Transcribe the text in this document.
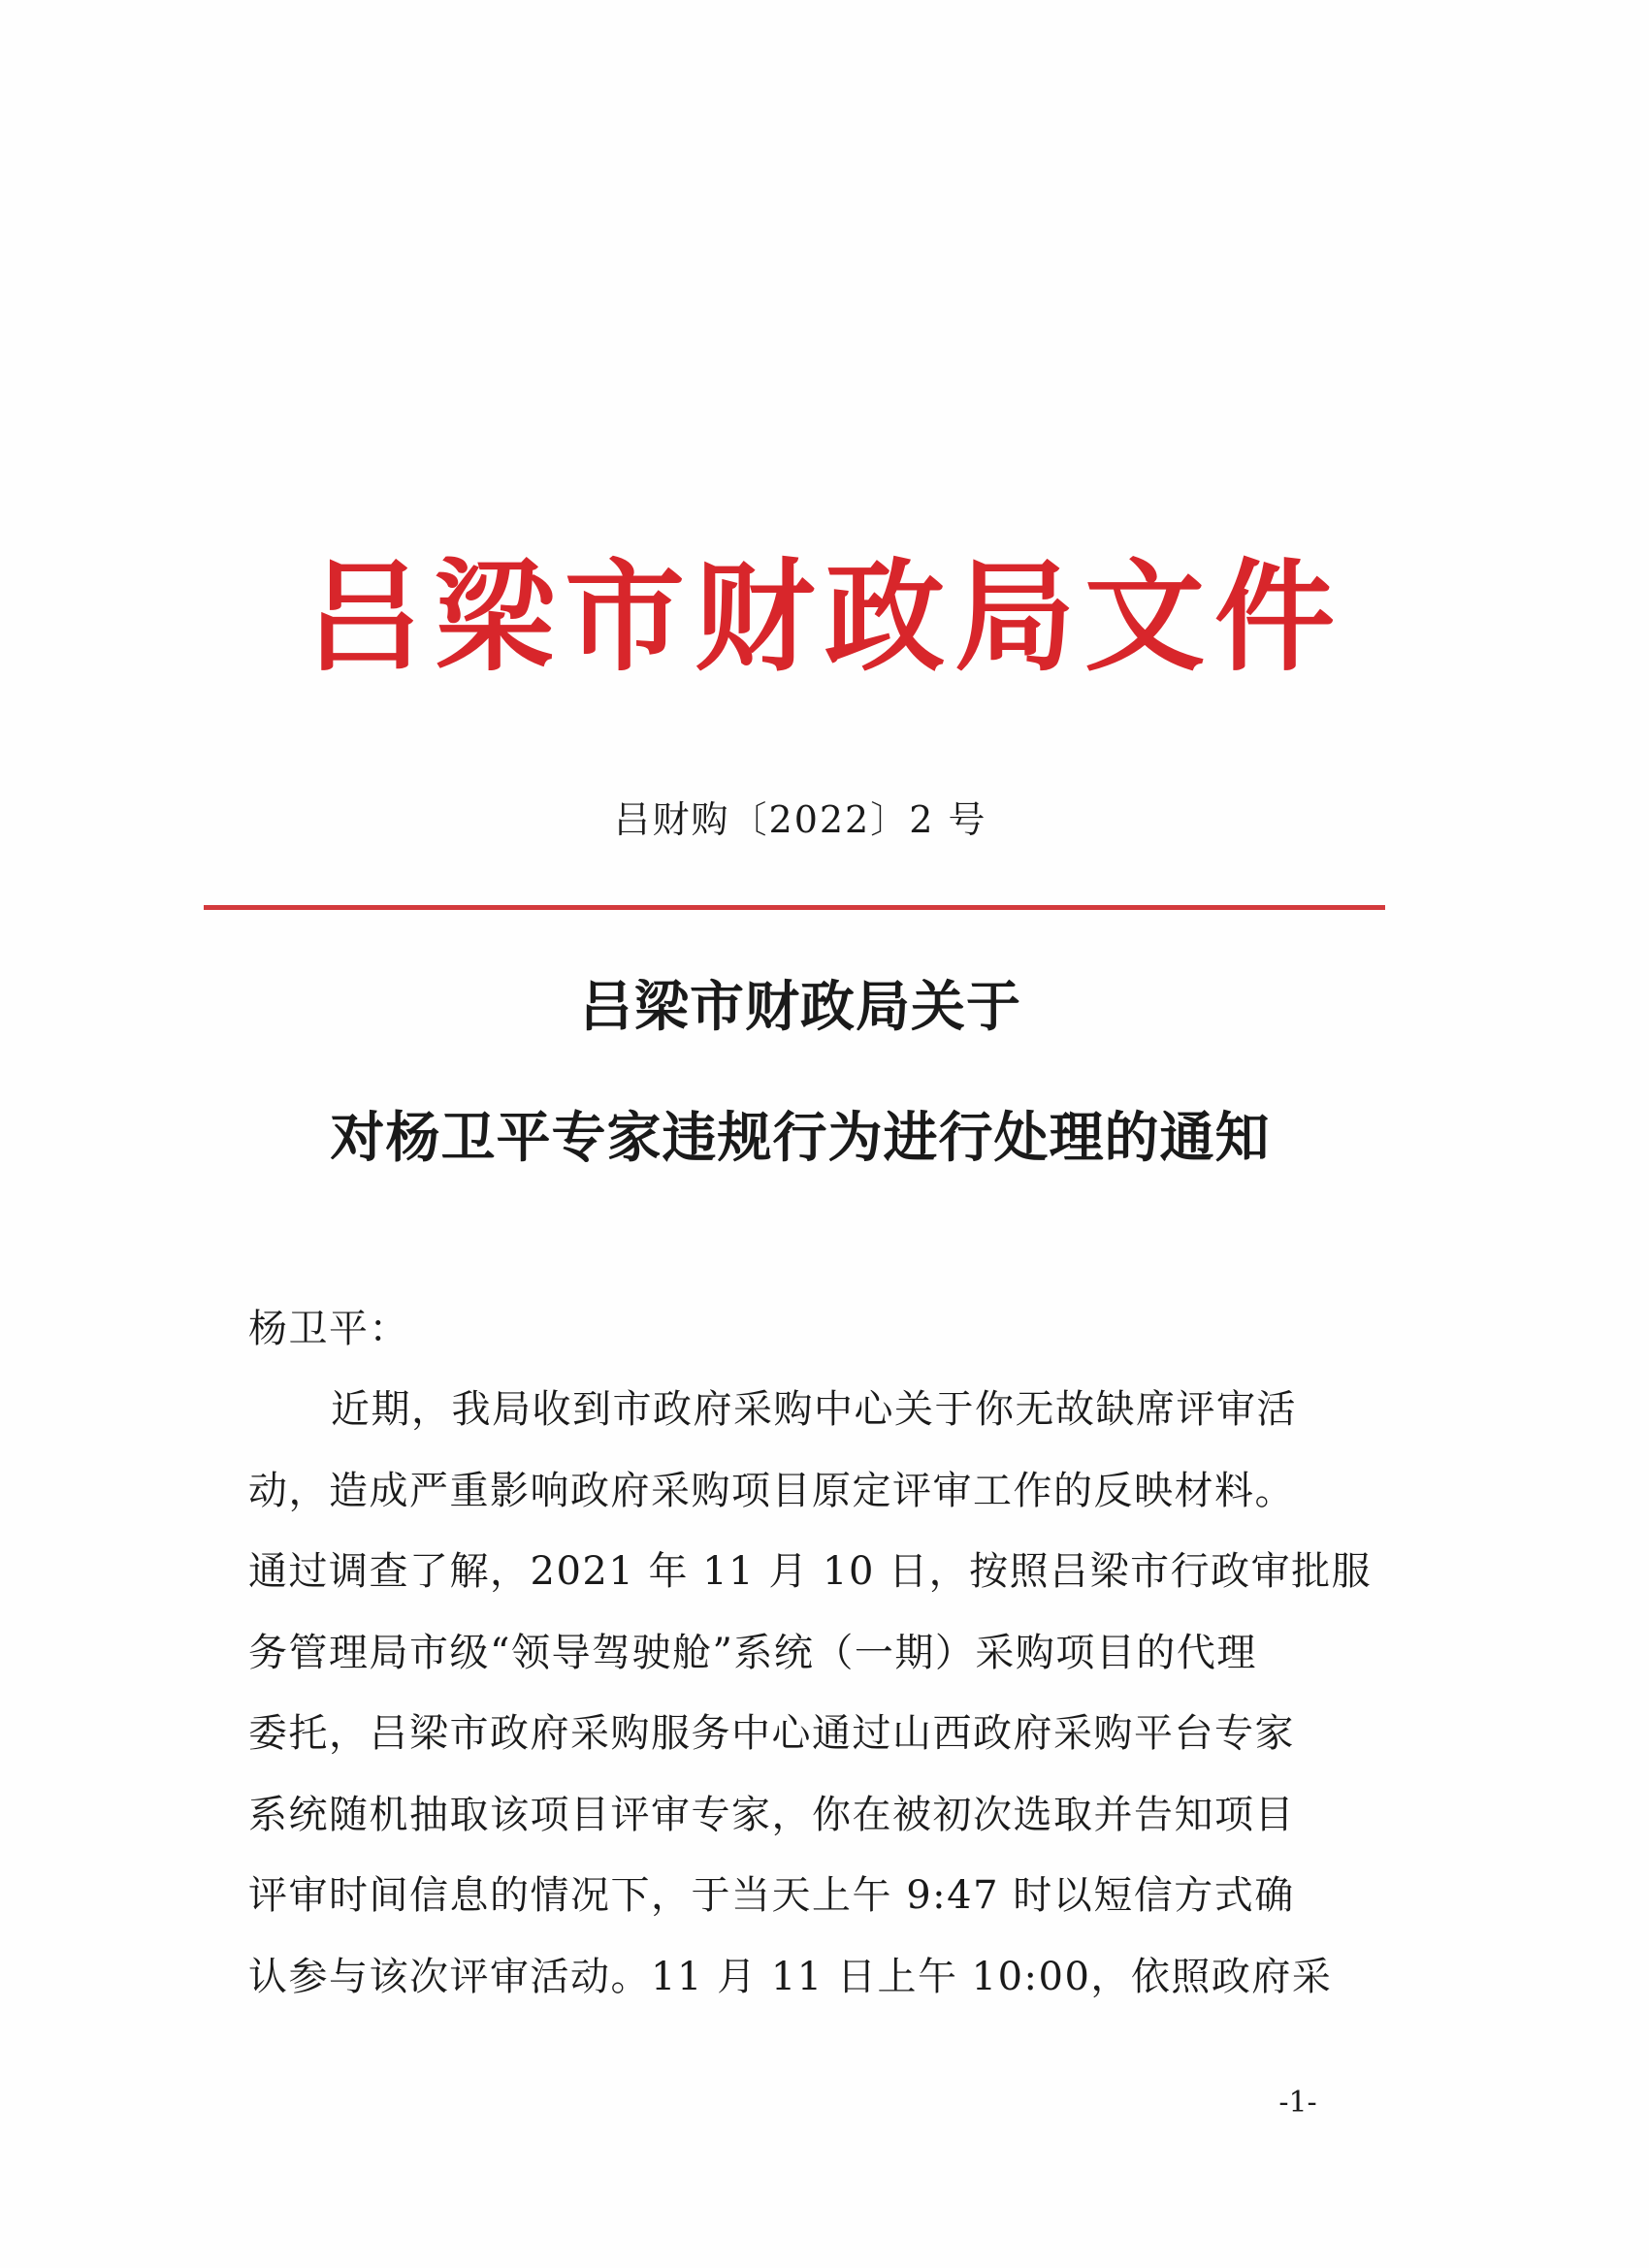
吕梁市财政局文件
吕财购〔2022〕2 号
吕梁市财政局关于
对杨卫平专家违规行为进行处理的通知
杨卫平：
近期，我局收到市政府采购中心关于你无故缺席评审活
动，造成严重影响政府采购项目原定评审工作的反映材料。
通过调查了解，2021 年 11 月 10 日，按照吕梁市行政审批服
务管理局市级“领导驾驶舱”系统（一期）采购项目的代理
委托，吕梁市政府采购服务中心通过山西政府采购平台专家
系统随机抽取该项目评审专家，你在被初次选取并告知项目
评审时间信息的情况下，于当天上午 9:47 时以短信方式确
认参与该次评审活动。11 月 11 日上午 10:00，依照政府采
-1-
